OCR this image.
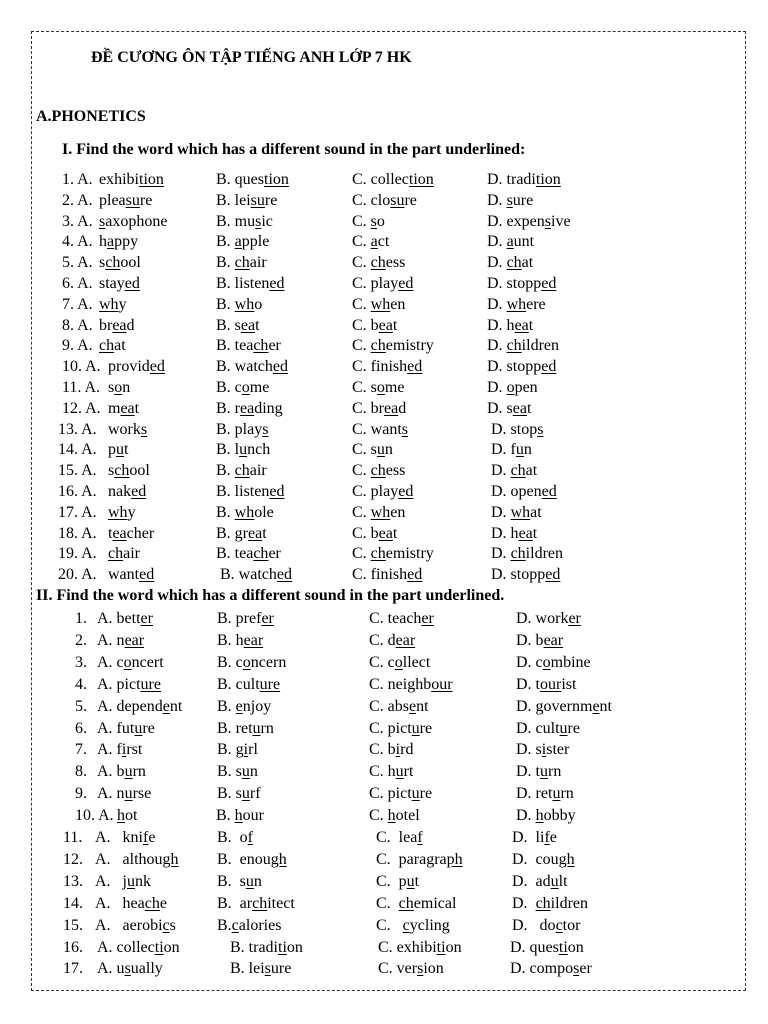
ĐỀ CƯƠNG ÔN TẬP TIẾNG ANH LỚP 7 HK
A.PHONETICS
I. Find the word which has a different sound in the part underlined:
1. A. exhibition	B. question	C. collection	D. tradition
2. A. pleasure	B. leisure	C. closure	D. sure
3. A. saxophone	B. music	C. so	D. expensive
4. A. happy	B. apple	C. act	D. aunt
5. A. school	B. chair	C. chess	D. chat
6. A. stayed	B. listened	C. played	D. stopped
7. A. why	B. who	C. when	D. where
8. A. bread	B. seat	C. beat	D. heat
9. A. chat	B. teacher	C. chemistry	D. children
10. A. provided	B. watched	C. finished	D. stopped
11. A. son	B. come	C. some	D. open
12. A. meat	B. reading	C. bread	D. seat
13. A. works	B. plays	C. wants	D. stops
14. A. put	B. lunch	C. sun	D. fun
15. A. school	B. chair	C. chess	D. chat
16. A. naked	B. listened	C. played	D. opened
17. A. why	B. whole	C. when	D. what
18. A. teacher	B. great	C. beat	D. heat
19. A. chair	B. teacher	C. chemistry	D. children
20. A. wanted	B. watched	C. finished	D. stopped
II. Find the word which has a different sound in the part underlined.
1. A. better	B. prefer	C. teacher	D. worker
2. A. near	B. hear	C. dear	D. bear
3. A. concert	B. concern	C. collect	D. combine
4. A. picture	B. culture	C. neighbour	D. tourist
5. A. dependent B. enjoy	C. absent	D. government
6. A. future	B. return	C. picture	D. culture
7. A. first	B. girl	C. bird	D. sister
8. A. burn	B. sun	C. hurt	D. turn
9. A. nurse	B. surf	C. picture	D. return
10. A. hot	B. hour	C. hotel	D. hobby
11. A.   knife	B.  of	C.  leaf	D.  life
12. A.   although B.  enough	C.  paragraph	D.  cough
13. A.   junk	B.  sun	C.  put	D.  adult
14. A.   heache	B.  architect	C.  chemical	D.  children
15. A.   aerobics	B.calories	C.   cycling	D.   doctor
16. A. collection	B. tradition	C. exhibition	D. question
17. A. usually	B. leisure	C. version	D. composer
